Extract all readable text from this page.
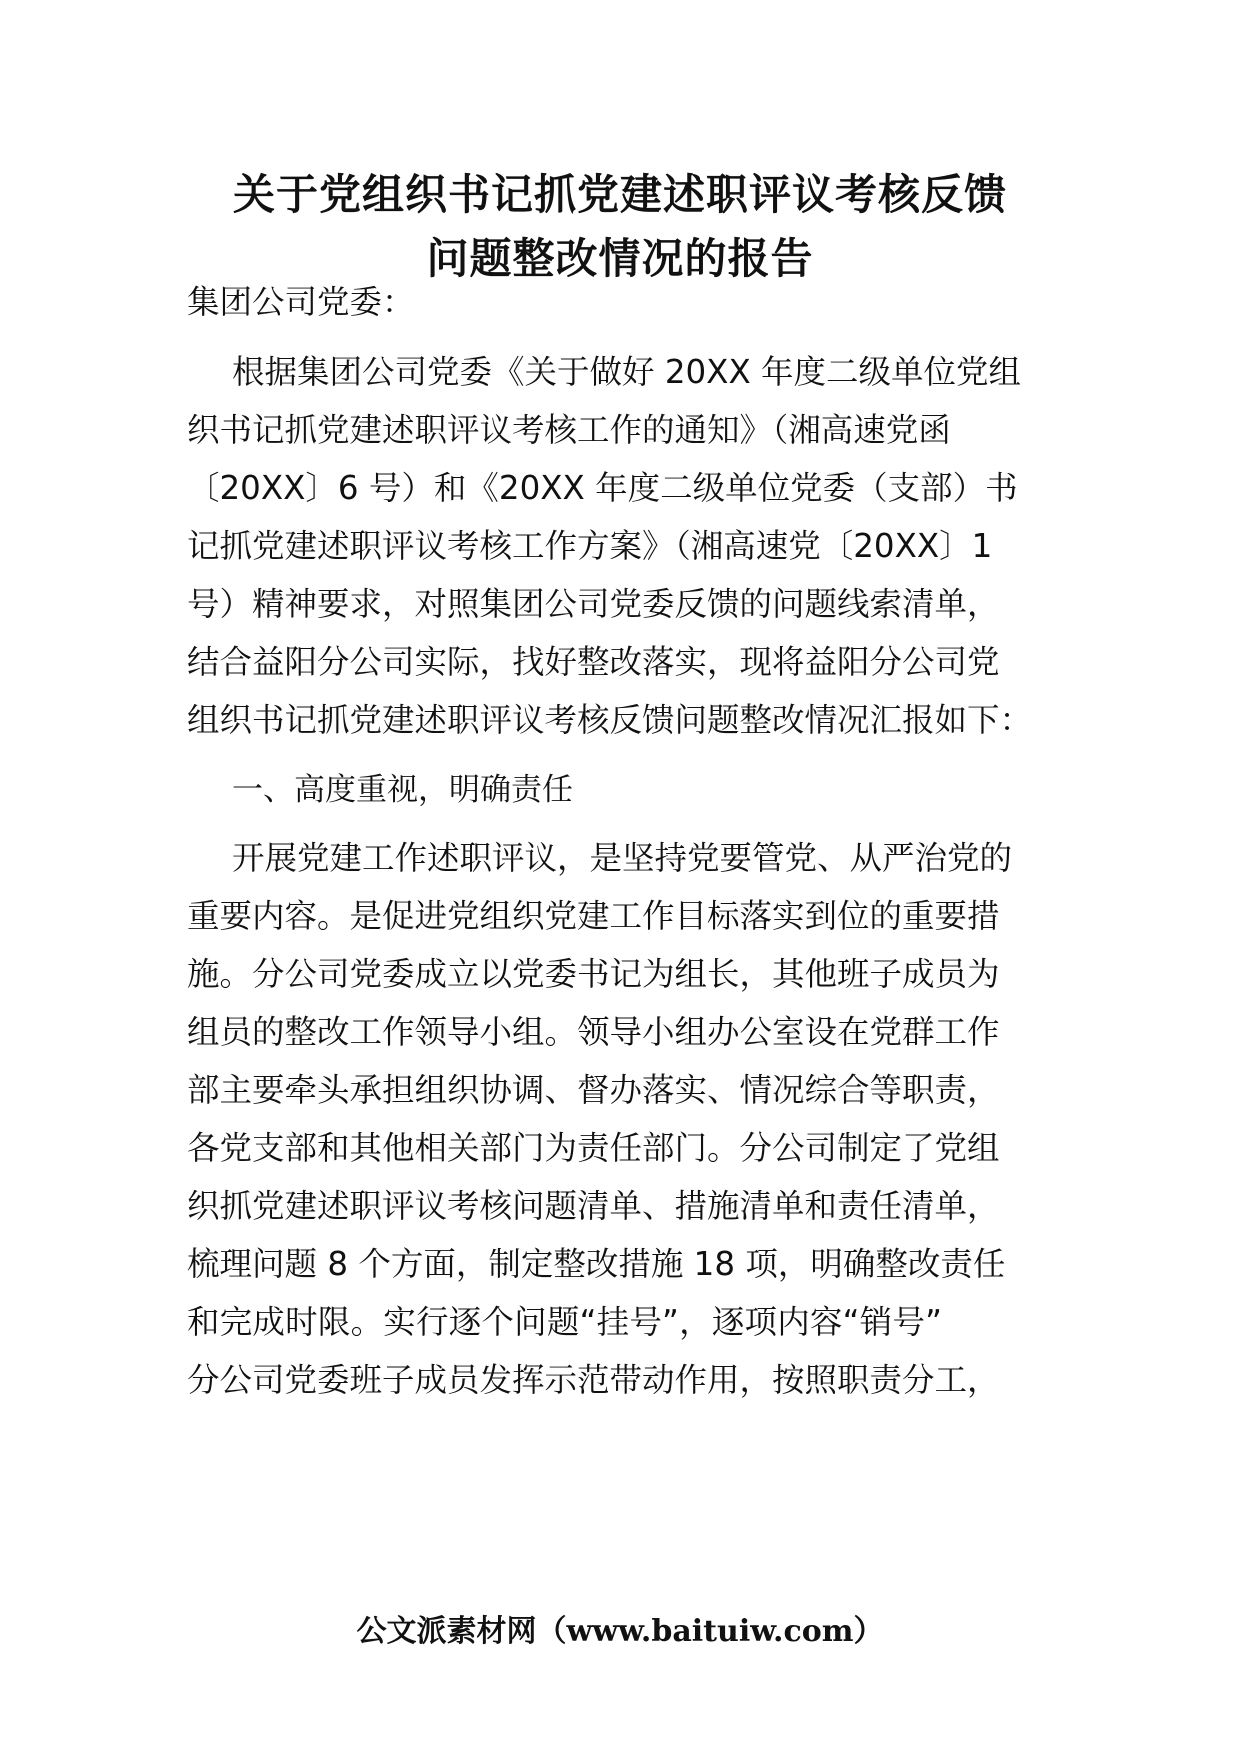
关于党组织书记抓党建述职评议考核反馈
问题整改情况的报告
集团公司党委：
根据集团公司党委《关于做好 20XX 年度二级单位党组
织书记抓党建述职评议考核工作的通知》（湘高速党函
〔20XX〕6 号）和《20XX 年度二级单位党委（支部）书
记抓党建述职评议考核工作方案》（湘高速党〔20XX〕1
号）精神要求，对照集团公司党委反馈的问题线索清单，
结合益阳分公司实际，找好整改落实，现将益阳分公司党
组织书记抓党建述职评议考核反馈问题整改情况汇报如下：
一、高度重视，明确责任
开展党建工作述职评议，是坚持党要管党、从严治党的
重要内容。是促进党组织党建工作目标落实到位的重要措
施。分公司党委成立以党委书记为组长，其他班子成员为
组员的整改工作领导小组。领导小组办公室设在党群工作
部主要牵头承担组织协调、督办落实、情况综合等职责，
各党支部和其他相关部门为责任部门。分公司制定了党组
织抓党建述职评议考核问题清单、措施清单和责任清单，
梳理问题 8 个方面，制定整改措施 18 项，明确整改责任
和完成时限。实行逐个问题“挂号”，逐项内容“销号”
分公司党委班子成员发挥示范带动作用，按照职责分工，
公文派素材网（www.baituiw.com）
